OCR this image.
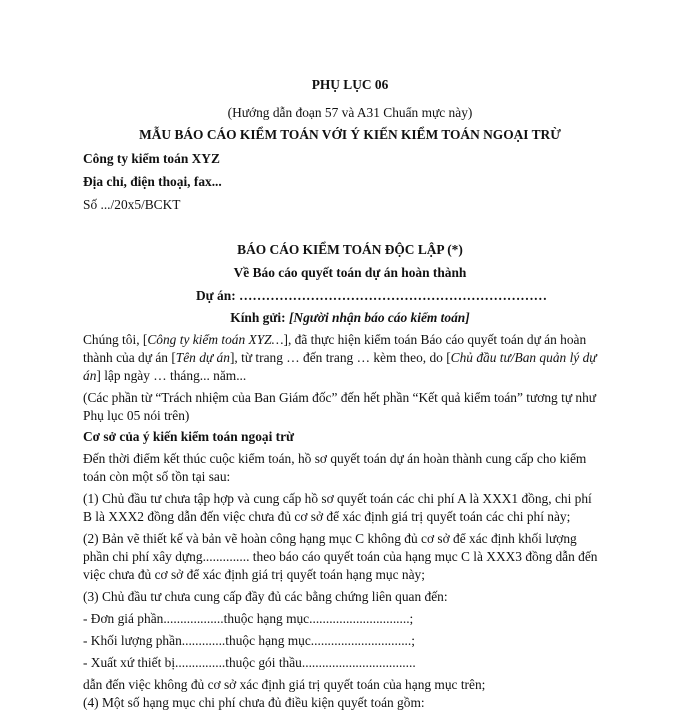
PHỤ LỤC 06
(Hướng dẫn đoạn 57 và A31 Chuẩn mực này)
MẪU BÁO CÁO KIỂM TOÁN VỚI Ý KIẾN KIỂM TOÁN NGOẠI TRỪ
Công ty kiểm toán XYZ
Địa chỉ, điện thoại, fax...
Số .../20x5/BCKT
BÁO CÁO KIỂM TOÁN ĐỘC LẬP (*)
Về Báo cáo quyết toán dự án hoàn thành
Dự án: ……………………………………………………………
Kính gửi: [Người nhận báo cáo kiểm toán]
Chúng tôi, [Công ty kiểm toán XYZ…], đã thực hiện kiểm toán Báo cáo quyết toán dự án hoàn
thành của dự án [Tên dự án], từ trang … đến trang … kèm theo, do [Chủ đầu tư/Ban quản lý dự
án] lập ngày … tháng... năm...
(Các phần từ “Trách nhiệm của Ban Giám đốc” đến hết phần “Kết quả kiểm toán” tương tự như
Phụ lục 05 nói trên)
Cơ sở của ý kiến kiểm toán ngoại trừ
Đến thời điểm kết thúc cuộc kiểm toán, hồ sơ quyết toán dự án hoàn thành cung cấp cho kiểm
toán còn một số tồn tại sau:
(1) Chủ đầu tư chưa tập hợp và cung cấp hồ sơ quyết toán các chi phí A là XXX1 đồng, chi phí
B là XXX2 đồng dẫn đến việc chưa đủ cơ sở để xác định giá trị quyết toán các chi phí này;
(2) Bản vẽ thiết kế và bản vẽ hoàn công hạng mục C không đủ cơ sở để xác định khối lượng
phần chi phí xây dựng.............. theo báo cáo quyết toán của hạng mục C là XXX3 đồng dẫn đến
việc chưa đủ cơ sở để xác định giá trị quyết toán hạng mục này;
(3) Chủ đầu tư chưa cung cấp đầy đủ các bằng chứng liên quan đến:
- Đơn giá phần..................thuộc hạng mục..............................;
- Khối lượng phần.............thuộc hạng mục..............................;
- Xuất xứ thiết bị...............thuộc gói thầu..................................
dẫn đến việc không đủ cơ sở xác định giá trị quyết toán của hạng mục trên;
(4) Một số hạng mục chi phí chưa đủ điều kiện quyết toán gồm:
